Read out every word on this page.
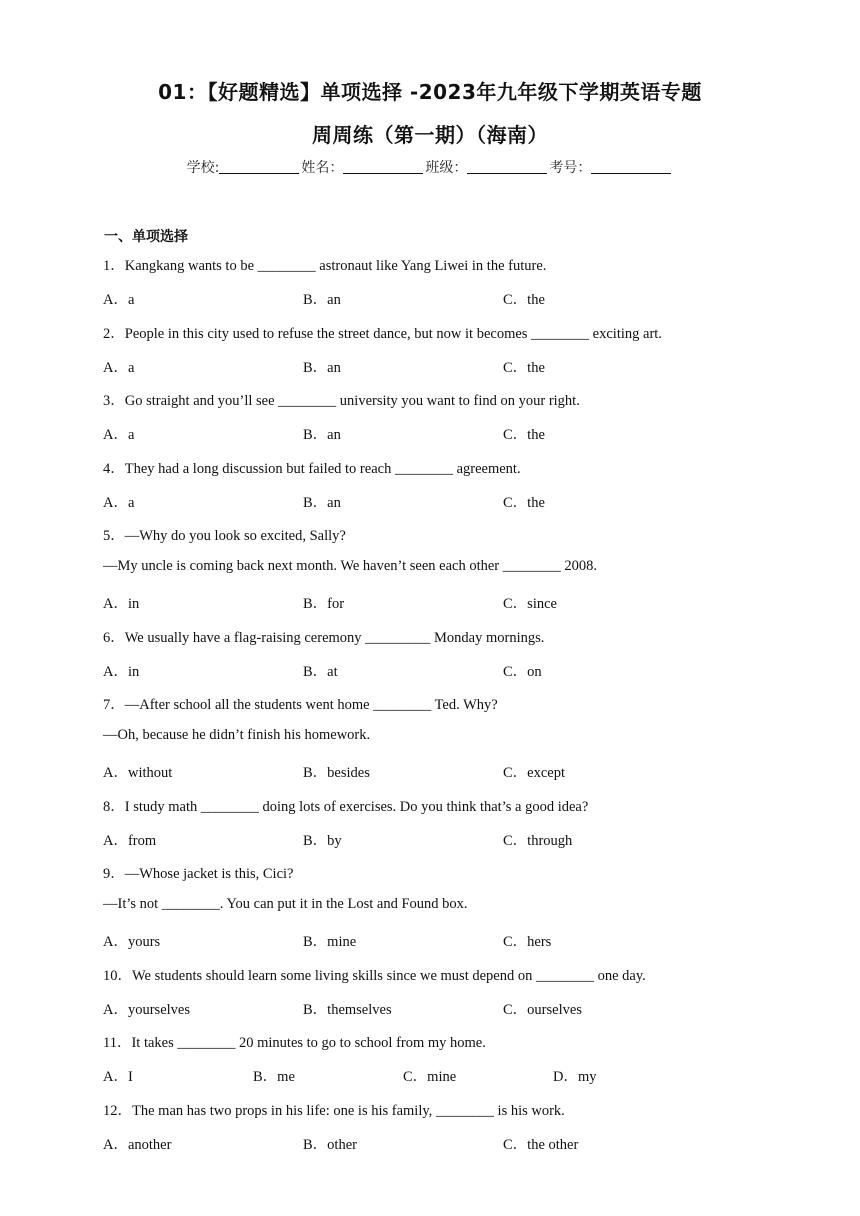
01：【好题精选】单项选择 -2023年九年级下学期英语专题
周周练（第一期）（海南）
学校:	姓名：	班级：	考号：
一、单项选择
1．Kangkang wants to be ________ astronaut like Yang Liwei in the future.
A．a	B．an	C．the
2．People in this city used to refuse the street dance, but now it becomes ________ exciting art.
A．a	B．an	C．the
3．Go straight and you’ll see ________ university you want to find on your right.
A．a	B．an	C．the
4．They had a long discussion but failed to reach ________ agreement.
A．a	B．an	C．the
5．—Why do you look so excited, Sally?
—My uncle is coming back next month. We haven’t seen each other ________ 2008.
A．in	B．for	C．since
6．We usually have a flag-raising ceremony _________ Monday mornings.
A．in	B．at	C．on
7．—After school all the students went home ________ Ted. Why?
—Oh, because he didn’t finish his homework.
A．without	B．besides	C．except
8．I study math ________ doing lots of exercises. Do you think that’s a good idea?
A．from	B．by	C．through
9．—Whose jacket is this, Cici?
—It’s not ________. You can put it in the Lost and Found box.
A．yours	B．mine	C．hers
10．We students should learn some living skills since we must depend on ________ one day.
A．yourselves	B．themselves	C．ourselves
11．It takes ________ 20 minutes to go to school from my home.
A．I	B．me	C．mine	D．my
12．The man has two props in his life: one is his family, ________ is his work.
A．another	B．other	C．the other
